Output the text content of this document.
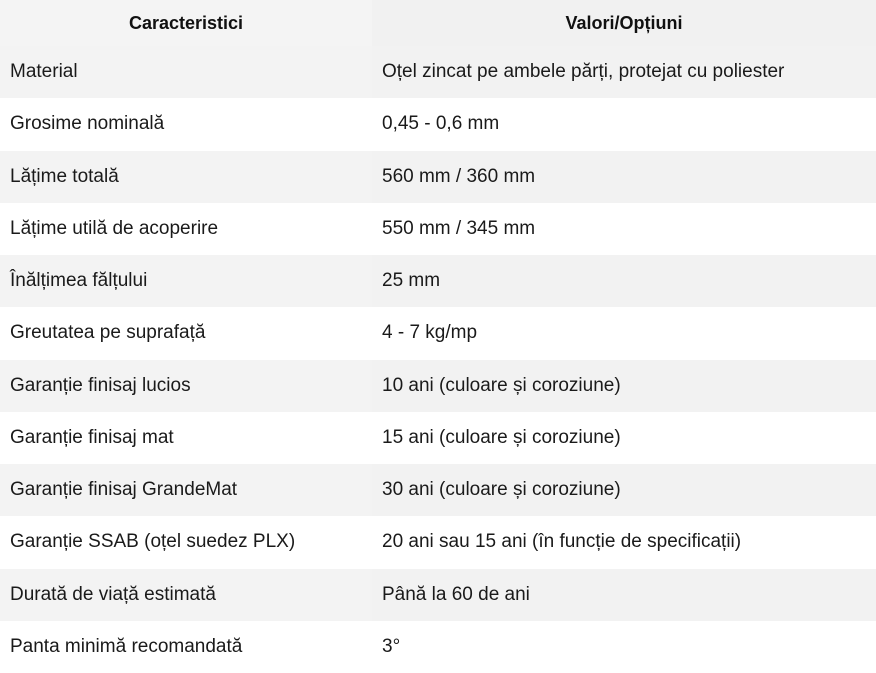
Caracteristici	Valori/Opțiuni
Material	Oțel zincat pe ambele părți, protejat cu poliester
Grosime nominală	0,45 - 0,6 mm
Lățime totală	560 mm / 360 mm
Lățime utilă de acoperire	550 mm / 345 mm
Înălțimea fălțului	25 mm
Greutatea pe suprafață	4 - 7 kg/mp
Garanție finisaj lucios	10 ani (culoare și coroziune)
Garanție finisaj mat	15 ani (culoare și coroziune)
Garanție finisaj GrandeMat	30 ani (culoare și coroziune)
Garanție SSAB (oțel suedez PLX)	20 ani sau 15 ani (în funcție de specificații)
Durată de viață estimată	Până la 60 de ani
Panta minimă recomandată	3°
